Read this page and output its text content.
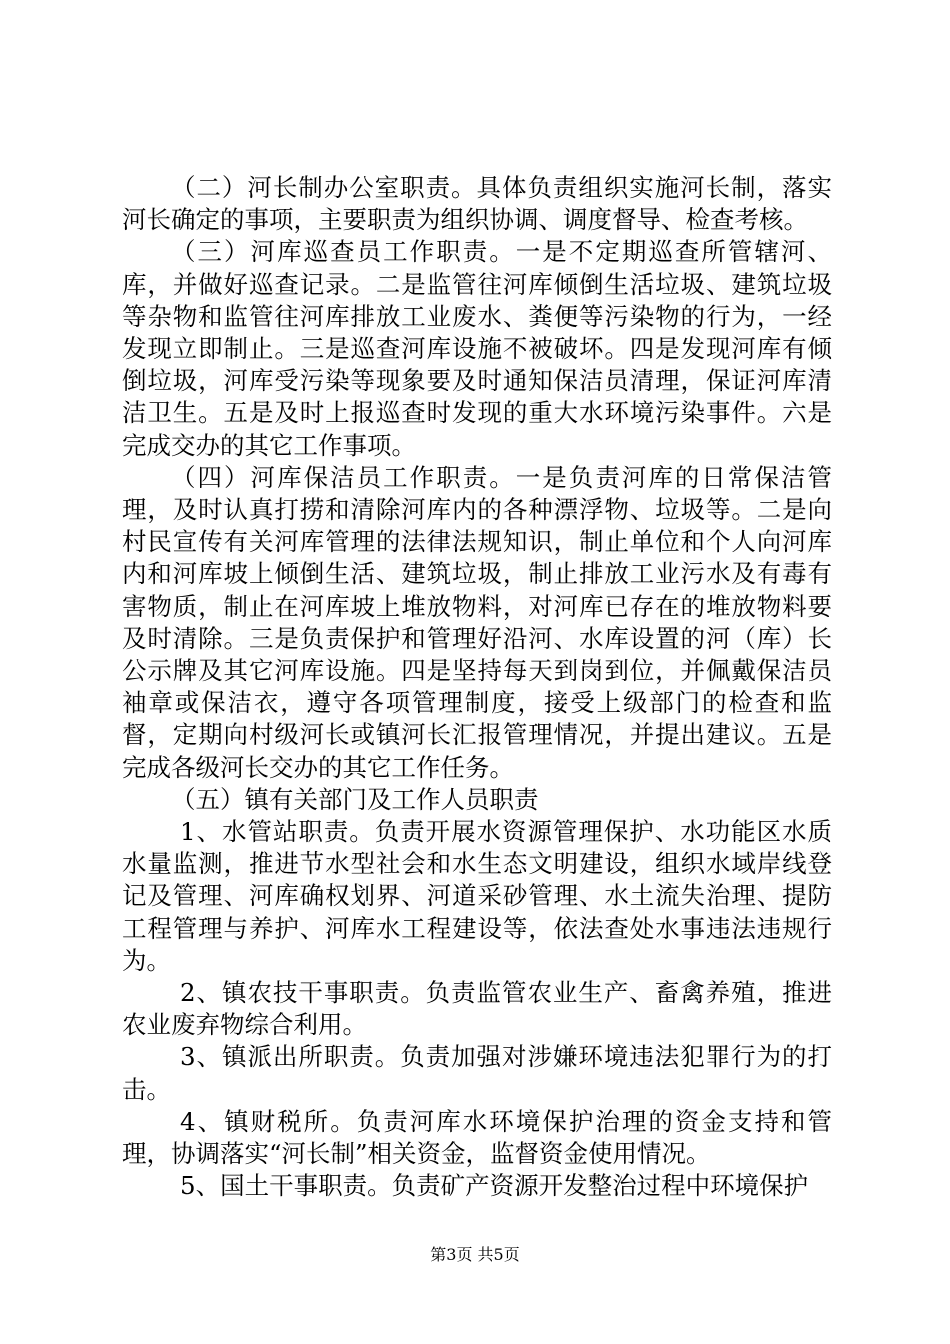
（二）河长制办公室职责。具体负责组织实施河长制，落实河长确定的事项，主要职责为组织协调、调度督导、检查考核。

（三）河库巡查员工作职责。一是不定期巡查所管辖河、库，并做好巡查记录。二是监管往河库倾倒生活垃圾、建筑垃圾等杂物和监管往河库排放工业废水、粪便等污染物的行为，一经发现立即制止。三是巡查河库设施不被破坏。四是发现河库有倾倒垃圾，河库受污染等现象要及时通知保洁员清理，保证河库清洁卫生。五是及时上报巡查时发现的重大水环境污染事件。六是完成交办的其它工作事项。

（四）河库保洁员工作职责。一是负责河库的日常保洁管理，及时认真打捞和清除河库内的各种漂浮物、垃圾等。二是向村民宣传有关河库管理的法律法规知识，制止单位和个人向河库内和河库坡上倾倒生活、建筑垃圾，制止排放工业污水及有毒有害物质，制止在河库坡上堆放物料，对河库已存在的堆放物料要及时清除。三是负责保护和管理好沿河、水库设置的河（库）长公示牌及其它河库设施。四是坚持每天到岗到位，并佩戴保洁员袖章或保洁衣，遵守各项管理制度，接受上级部门的检查和监督，定期向村级河长或镇河长汇报管理情况，并提出建议。五是完成各级河长交办的其它工作任务。

（五）镇有关部门及工作人员职责

1、水管站职责。负责开展水资源管理保护、水功能区水质水量监测，推进节水型社会和水生态文明建设，组织水域岸线登记及管理、河库确权划界、河道采砂管理、水土流失治理、提防工程管理与养护、河库水工程建设等，依法查处水事违法违规行为。

2、镇农技干事职责。负责监管农业生产、畜禽养殖，推进农业废弃物综合利用。

3、镇派出所职责。负责加强对涉嫌环境违法犯罪行为的打击。

4、镇财税所。负责河库水环境保护治理的资金支持和管理，协调落实“河长制”相关资金，监督资金使用情况。

5、国土干事职责。负责矿产资源开发整治过程中环境保护

第3页 共5页
